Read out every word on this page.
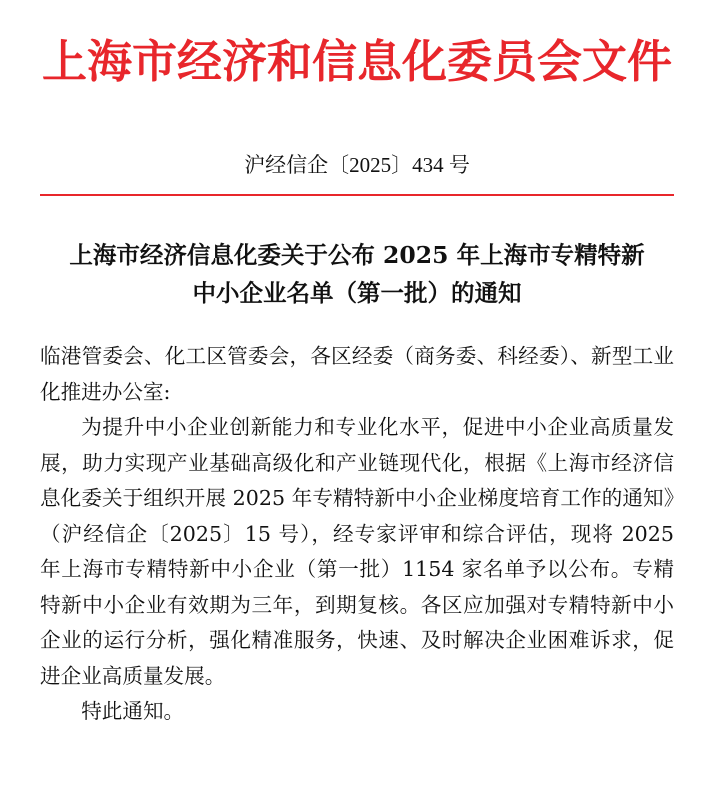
上海市经济和信息化委员会文件
沪经信企〔2025〕434 号
上海市经济信息化委关于公布 2025 年上海市专精特新
中小企业名单（第一批）的通知

临港管委会、化工区管委会，各区经委（商务委、科经委）、新型工业化推进办公室:

为提升中小企业创新能力和专业化水平，促进中小企业高质量发展，助力实现产业基础高级化和产业链现代化，根据《上海市经济信息化委关于组织开展 2025 年专精特新中小企业梯度培育工作的通知》（沪经信企〔2025〕15 号），经专家评审和综合评估，现将 2025 年上海市专精特新中小企业（第一批）1154 家名单予以公布。专精特新中小企业有效期为三年，到期复核。各区应加强对专精特新中小企业的运行分析，强化精准服务，快速、及时解决企业困难诉求，促进企业高质量发展。

特此通知。
